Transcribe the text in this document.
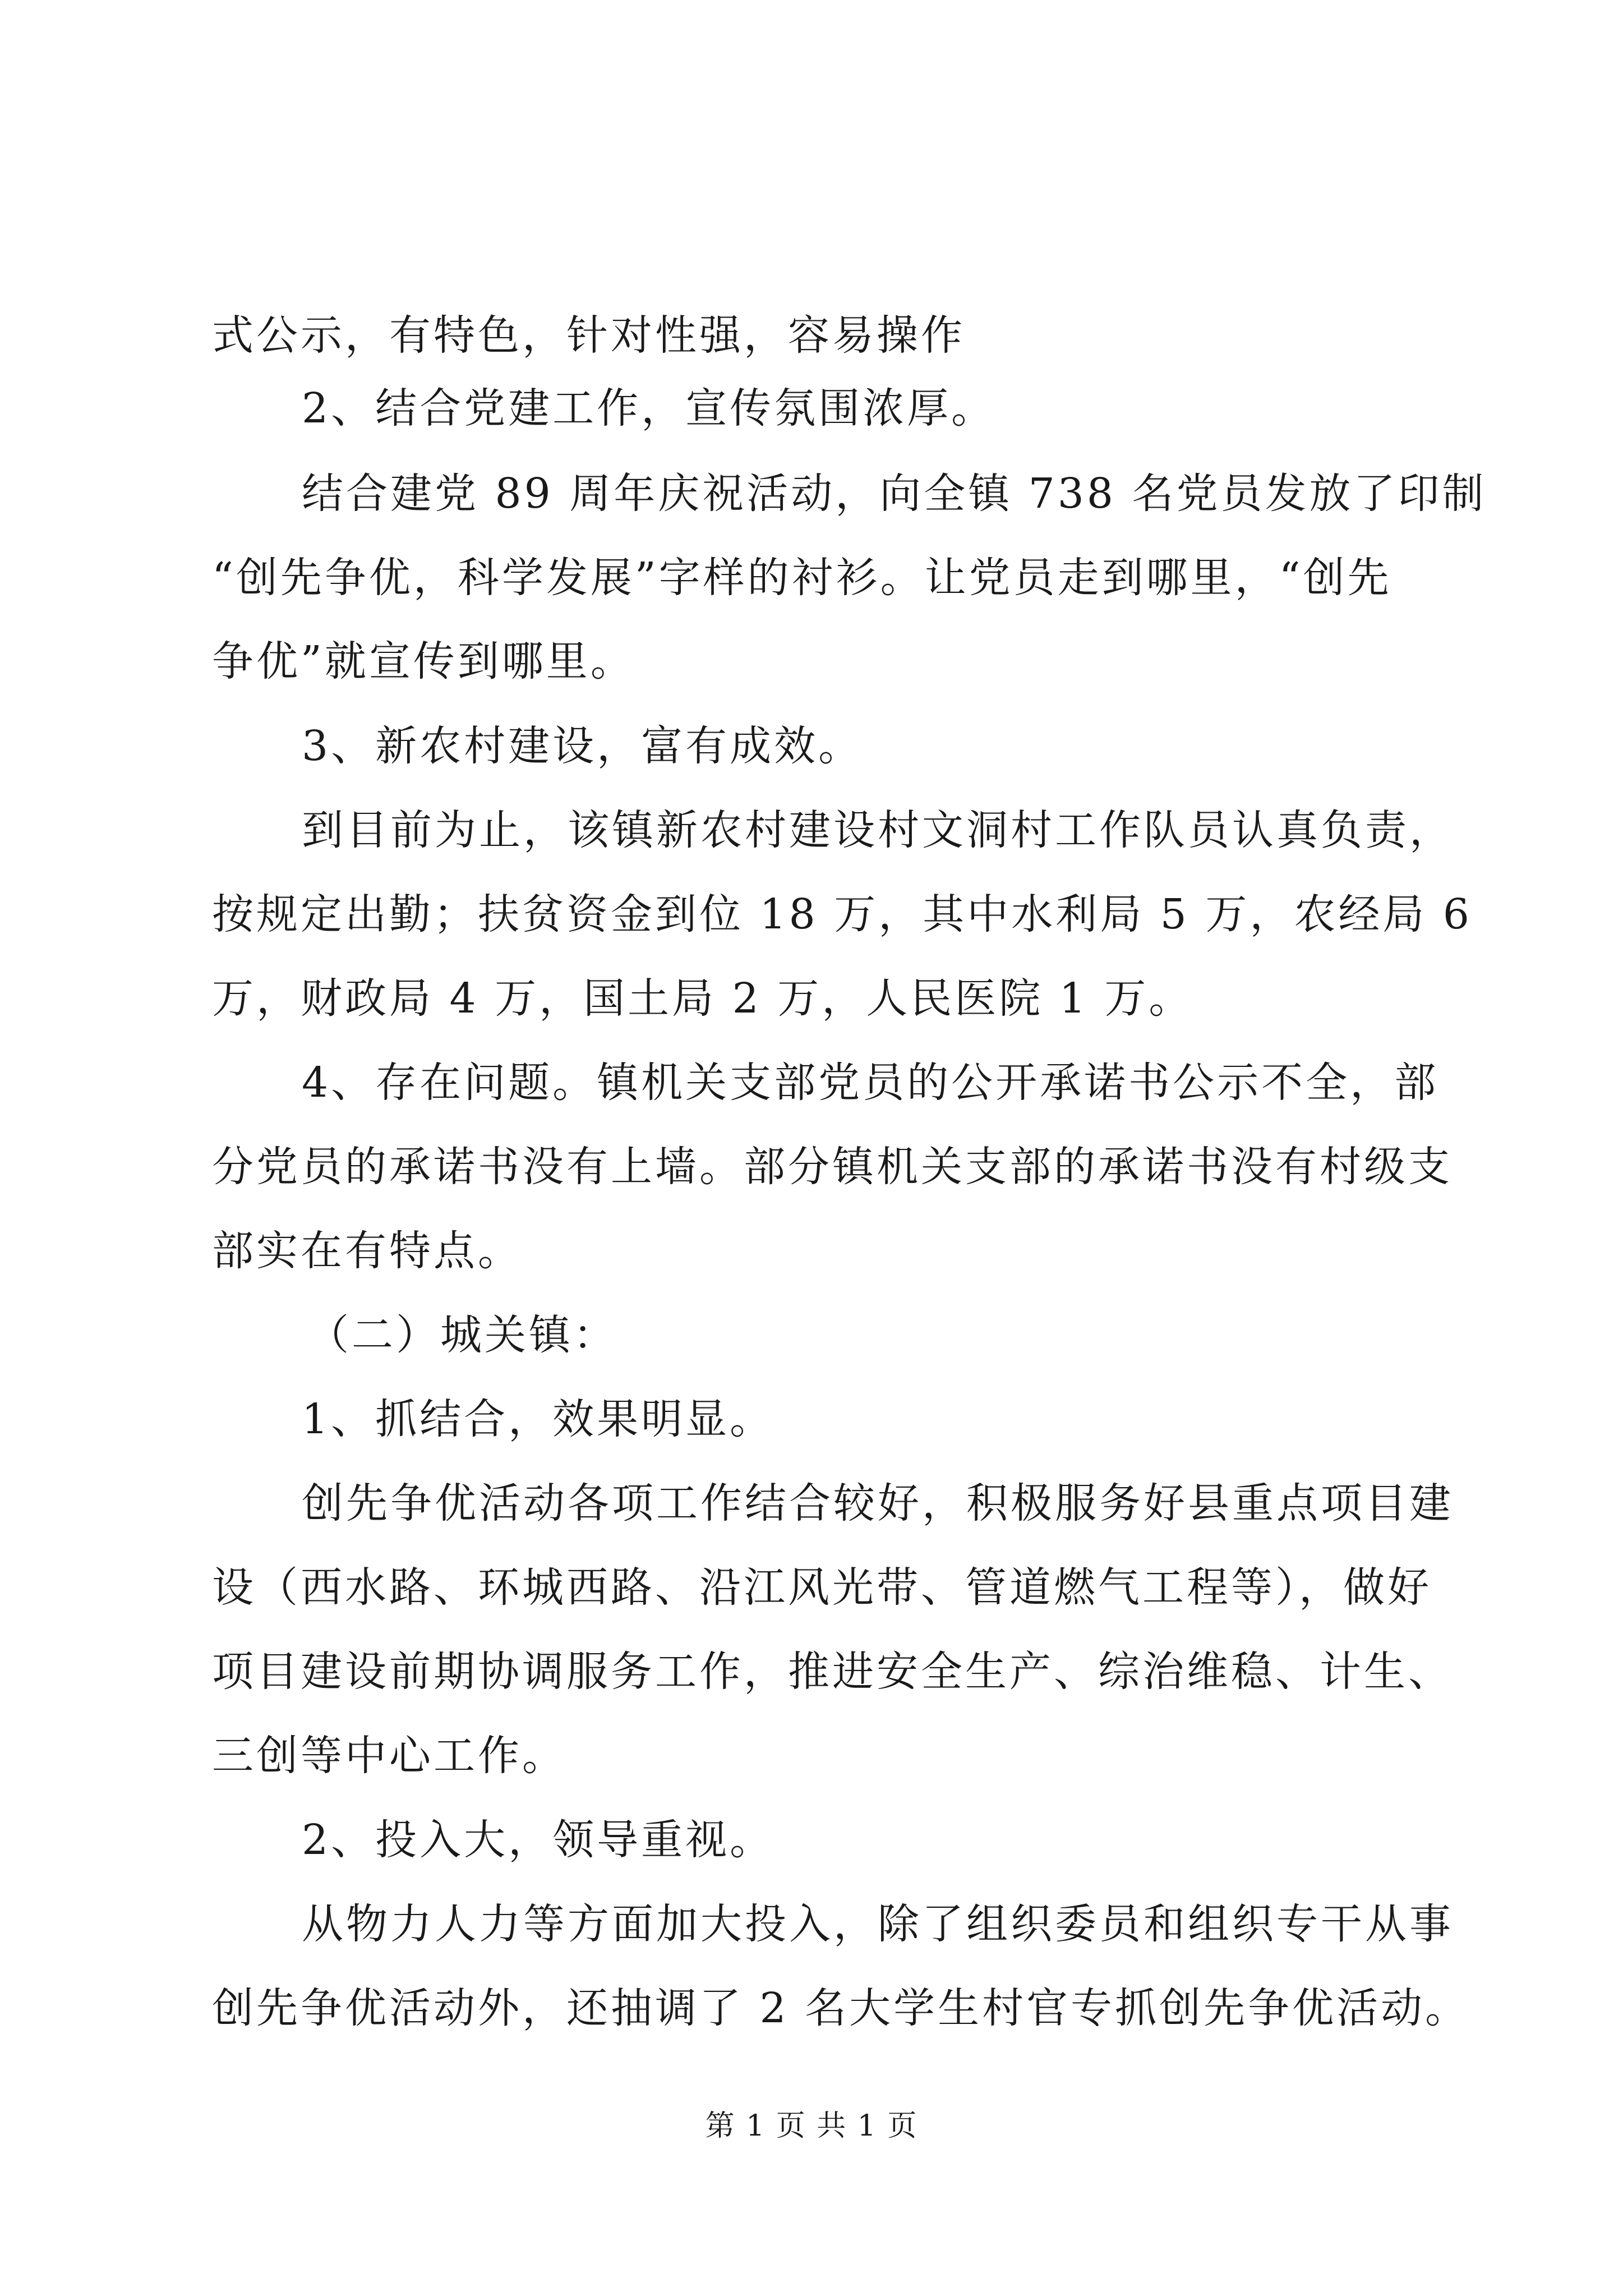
式公示，有特色，针对性强，容易操作
2、结合党建工作，宣传氛围浓厚。
结合建党 89 周年庆祝活动，向全镇 738 名党员发放了印制
“创先争优，科学发展”字样的衬衫。让党员走到哪里，“创先
争优”就宣传到哪里。
3、新农村建设，富有成效。
到目前为止，该镇新农村建设村文洞村工作队员认真负责，
按规定出勤；扶贫资金到位 18 万，其中水利局 5 万，农经局 6
万，财政局 4 万，国土局 2 万，人民医院 1 万。
4、存在问题。镇机关支部党员的公开承诺书公示不全，部
分党员的承诺书没有上墙。部分镇机关支部的承诺书没有村级支
部实在有特点。
（二）城关镇：
1、抓结合，效果明显。
创先争优活动各项工作结合较好，积极服务好县重点项目建
设（西水路、环城西路、沿江风光带、管道燃气工程等），做好
项目建设前期协调服务工作，推进安全生产、综治维稳、计生、
三创等中心工作。
2、投入大，领导重视。
从物力人力等方面加大投入，除了组织委员和组织专干从事
创先争优活动外，还抽调了 2 名大学生村官专抓创先争优活动。
第 1 页 共 1 页
